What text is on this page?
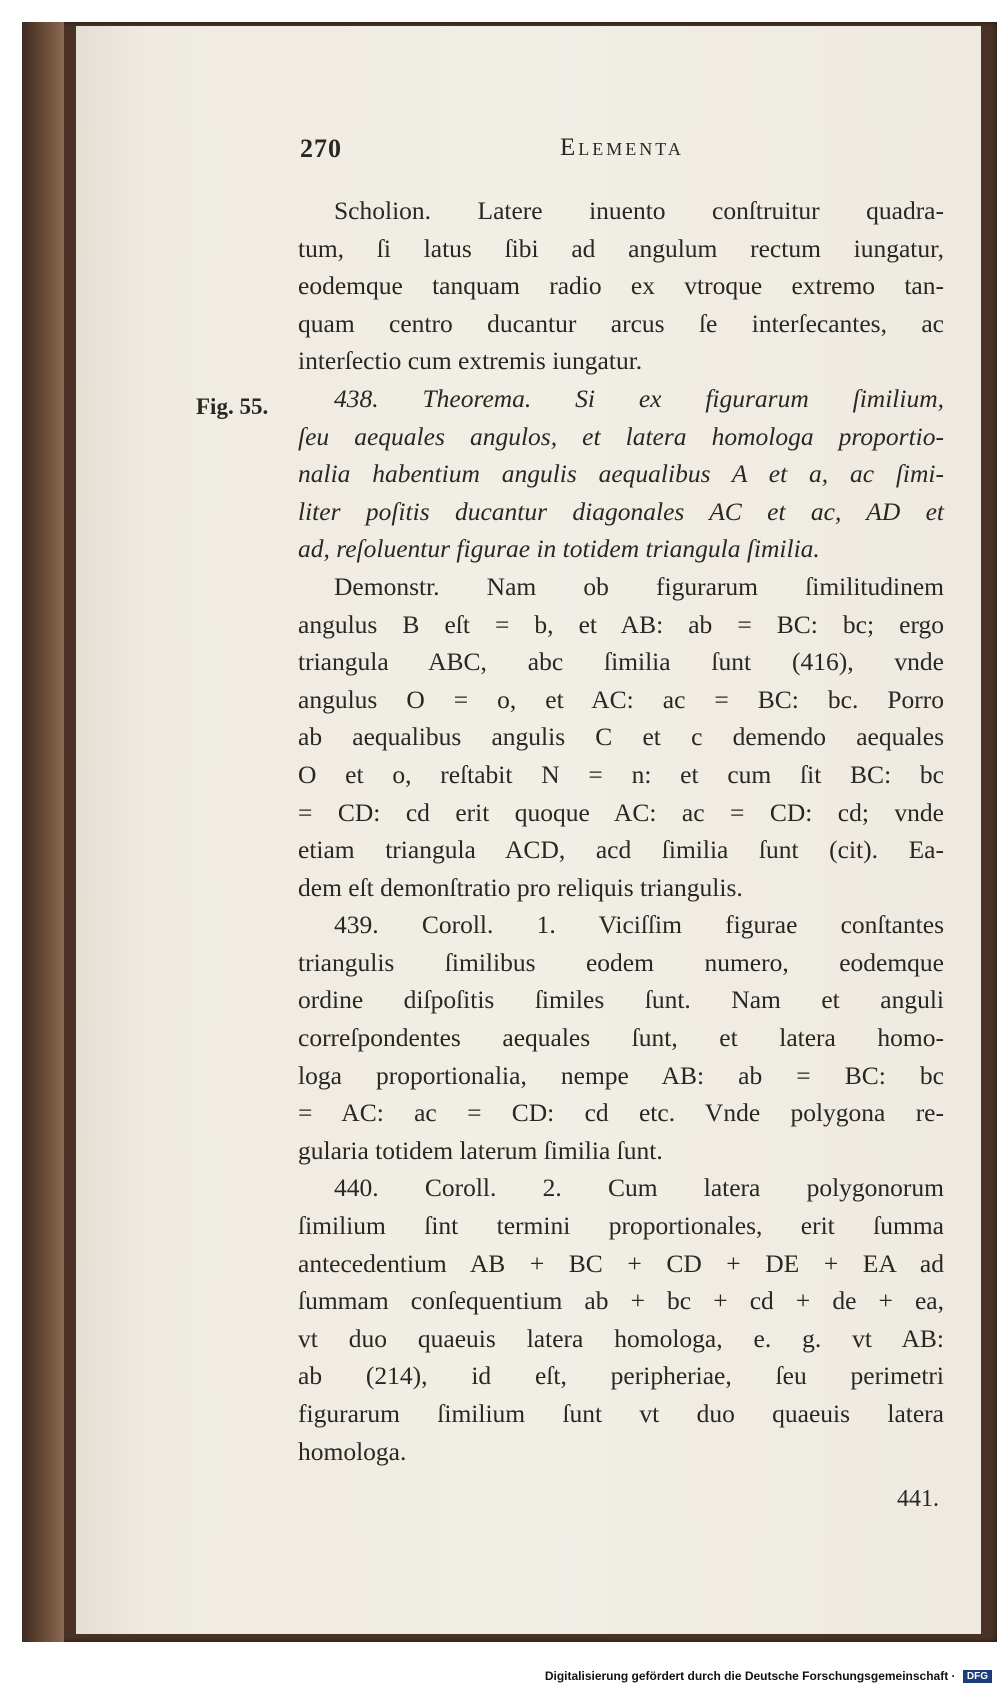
270	Elementa
Fig. 55.
Scholion. Latere inuento conſtruitur quadra-
tum, ſi latus ſibi ad angulum rectum iungatur,
eodemque tanquam radio ex vtroque extremo tan-
quam centro ducantur arcus ſe interſecantes, ac
interſectio cum extremis iungatur.
438. Theorema. Si ex figurarum ſimilium,
ſeu aequales angulos, et latera homologa proportio-
nalia habentium angulis aequalibus A et a, ac ſimi-
liter poſitis ducantur diagonales AC et ac, AD et
ad, reſoluentur figurae in totidem triangula ſimilia.
Demonstr. Nam ob figurarum ſimilitudinem
angulus B eſt = b, et AB: ab = BC: bc; ergo
triangula ABC, abc ſimilia ſunt (416), vnde
angulus O = o, et AC: ac = BC: bc. Porro
ab aequalibus angulis C et c demendo aequales
O et o, reſtabit N = n: et cum ſit BC: bc
= CD: cd erit quoque AC: ac = CD: cd; vnde
etiam triangula ACD, acd ſimilia ſunt (cit). Ea-
dem eſt demonſtratio pro reliquis triangulis.
439. Coroll. 1. Viciſſim figurae conſtantes
triangulis ſimilibus eodem numero, eodemque
ordine diſpoſitis ſimiles ſunt. Nam et anguli
correſpondentes aequales ſunt, et latera homo-
loga proportionalia, nempe AB: ab = BC: bc
= AC: ac = CD: cd etc. Vnde polygona re-
gularia totidem laterum ſimilia ſunt.
440. Coroll. 2. Cum latera polygonorum
ſimilium ſint termini proportionales, erit ſumma
antecedentium AB + BC + CD + DE + EA ad
ſummam conſequentium ab + bc + cd + de + ea,
vt duo quaeuis latera homologa, e. g. vt AB:
ab (214), id eſt, peripheriae, ſeu perimetri
figurarum ſimilium ſunt vt duo quaeuis latera
homologa.
441.
Digitalisierung gefördert durch die Deutsche Forschungsgemeinschaft · DFG
